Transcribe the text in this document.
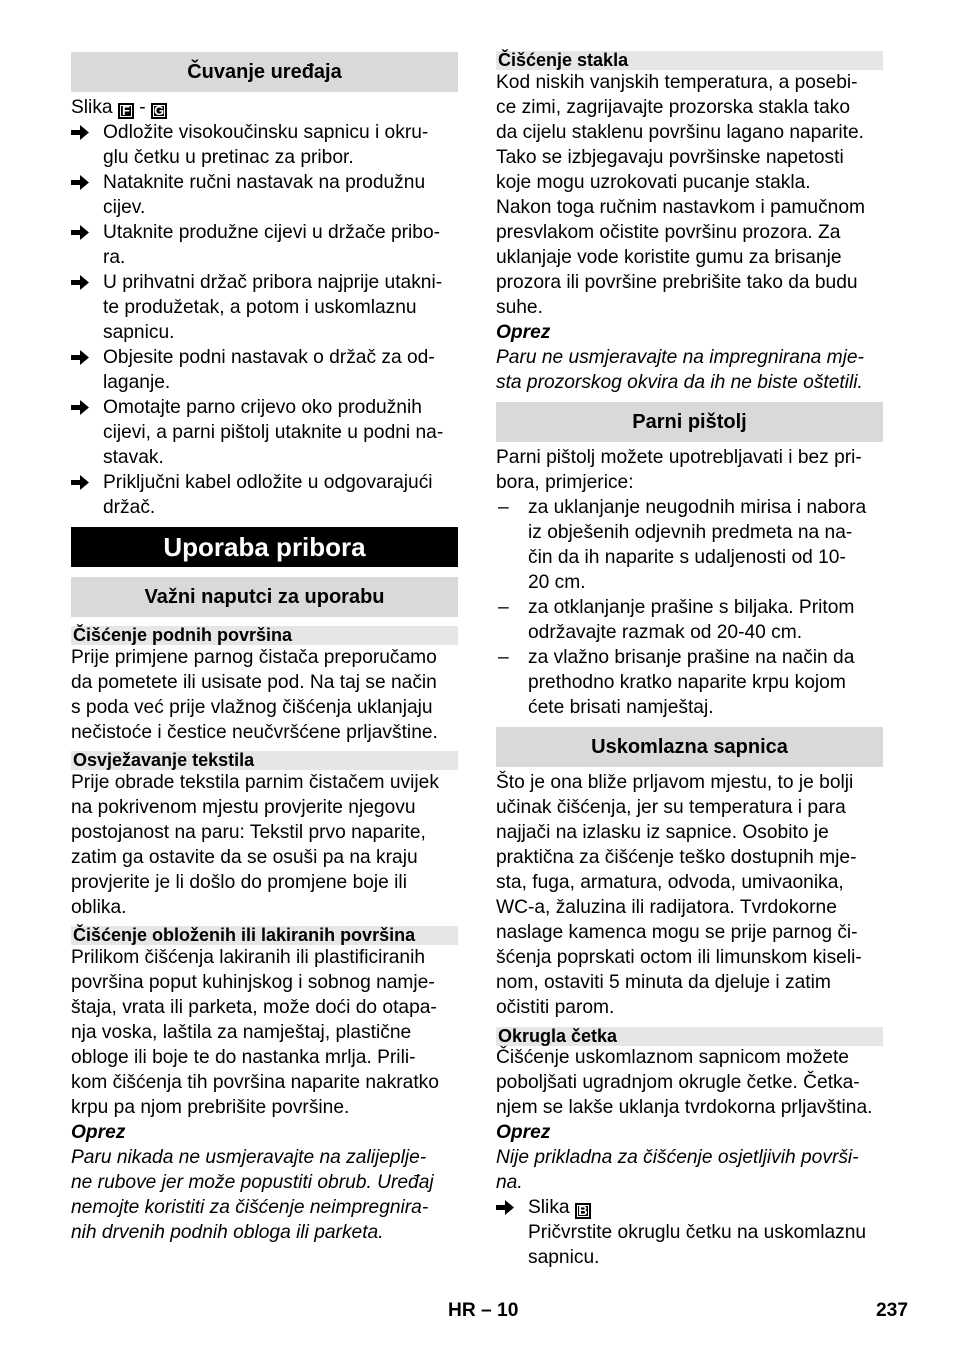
Čuvanje uređaja
Slika F - G
Odložite visokoučinsku sapnicu i okru-
glu četku u pretinac za pribor.
Nataknite ručni nastavak na produžnu
cijev.
Utaknite produžne cijevi u držače pribo-
ra.
U prihvatni držač pribora najprije utakni-
te produžetak, a potom i uskomlaznu
sapnicu.
Objesite podni nastavak o držač za od-
laganje.
Omotajte parno crijevo oko produžnih
cijevi, a parni pištolj utaknite u podni na-
stavak.
Priključni kabel odložite u odgovarajući
držač.
Uporaba pribora
Važni naputci za uporabu
Čišćenje podnih površina
Prije primjene parnog čistača preporučamo
da pometete ili usisate pod. Na taj se način
s poda već prije vlažnog čišćenja uklanjaju
nečistoće i čestice neučvršćene prljavštine.
Osvježavanje tekstila
Prije obrade tekstila parnim čistačem uvijek
na pokrivenom mjestu provjerite njegovu
postojanost na paru: Tekstil prvo naparite,
zatim ga ostavite da se osuši pa na kraju
provjerite je li došlo do promjene boje ili
oblika.
Čišćenje obloženih ili lakiranih površina
Prilikom čišćenja lakiranih ili plastificiranih
površina poput kuhinjskog i sobnog namje-
štaja, vrata ili parketa, može doći do otapa-
nja voska, laštila za namještaj, plastične
obloge ili boje te do nastanka mrlja. Prili-
kom čišćenja tih površina naparite nakratko
krpu pa njom prebrišite površine.
Oprez
Paru nikada ne usmjeravajte na zalijeplje-
ne rubove jer može popustiti obrub. Uređaj
nemojte koristiti za čišćenje neimpregnira-
nih drvenih podnih obloga ili parketa.
Čišćenje stakla
Kod niskih vanjskih temperatura, a posebi-
ce zimi, zagrijavajte prozorska stakla tako
da cijelu staklenu površinu lagano naparite.
Tako se izbjegavaju površinske napetosti
koje mogu uzrokovati pucanje stakla.
Nakon toga ručnim nastavkom i pamučnom
presvlakom očistite površinu prozora. Za
uklanjaje vode koristite gumu za brisanje
prozora ili površine prebrišite tako da budu
suhe.
Oprez
Paru ne usmjeravajte na impregnirana mje-
sta prozorskog okvira da ih ne biste oštetili.
Parni pištolj
Parni pištolj možete upotrebljavati i bez pri-
bora, primjerice:
– za uklanjanje neugodnih mirisa i nabora
iz obješenih odjevnih predmeta na na-
čin da ih naparite s udaljenosti od 10-
20 cm.
– za otklanjanje prašine s biljaka. Pritom
održavajte razmak od 20-40 cm.
– za vlažno brisanje prašine na način da
prethodno kratko naparite krpu kojom
ćete brisati namještaj.
Uskomlazna sapnica
Što je ona bliže prljavom mjestu, to je bolji
učinak čišćenja, jer su temperatura i para
najjači na izlasku iz sapnice. Osobito je
praktična za čišćenje teško dostupnih mje-
sta, fuga, armatura, odvoda, umivaonika,
WC-a, žaluzina ili radijatora. Tvrdokorne
naslage kamenca mogu se prije parnog či-
šćenja poprskati octom ili limunskom kiseli-
nom, ostaviti 5 minuta da djeluje i zatim
očistiti parom.
Okrugla četka
Čišćenje uskomlaznom sapnicom možete
poboljšati ugradnjom okrugle četke. Četka-
njem se lakše uklanja tvrdokorna prljavština.
Oprez
Nije prikladna za čišćenje osjetljivih površi-
na.
Slika B
Pričvrstite okruglu četku na uskomlaznu
sapnicu.
HR – 10	237
